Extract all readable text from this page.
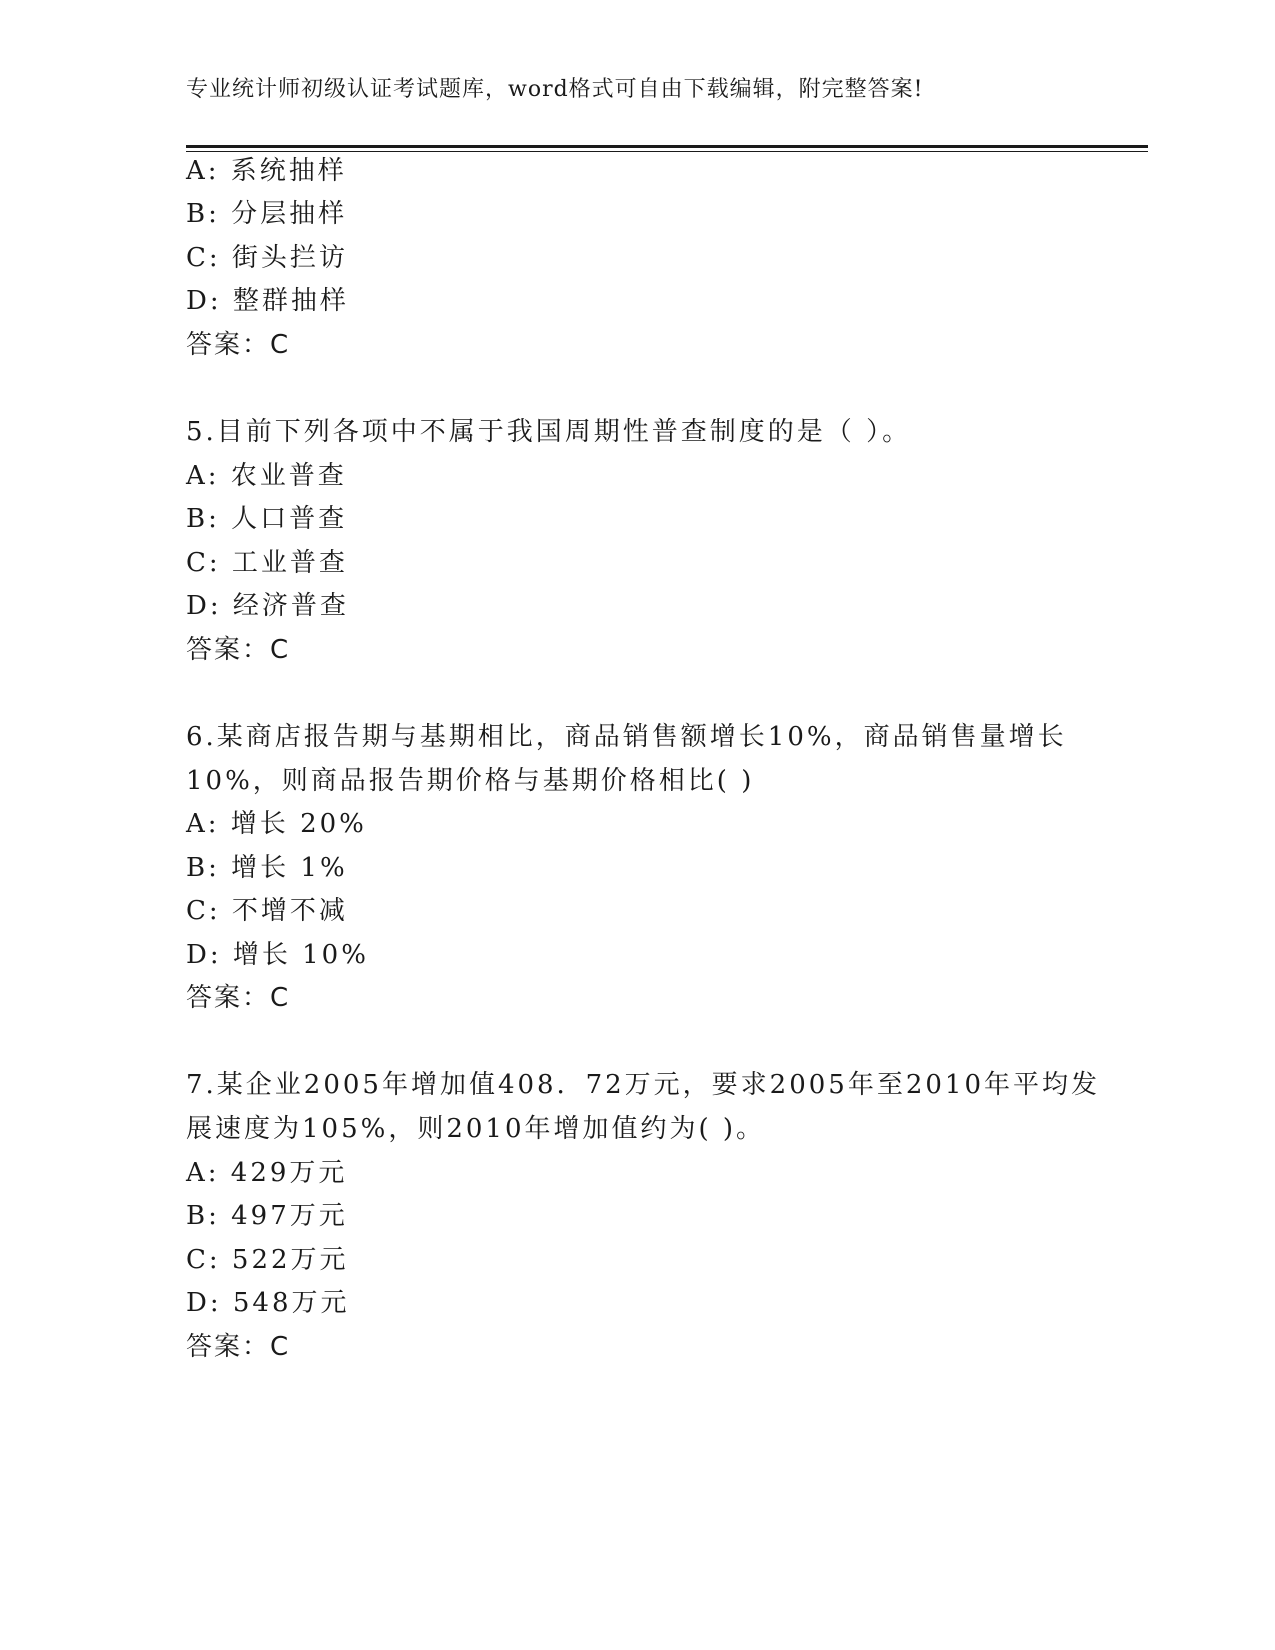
专业统计师初级认证考试题库，word格式可自由下载编辑，附完整答案!
A: 系统抽样
B: 分层抽样
C: 街头拦访
D: 整群抽样
答案：C
5.目前下列各项中不属于我国周期性普查制度的是（ ）。
A: 农业普查
B: 人口普查
C: 工业普查
D: 经济普查
答案：C
6.某商店报告期与基期相比，商品销售额增长10%，商品销售量增长
10%，则商品报告期价格与基期价格相比( )
A: 增长 20%
B: 增长 1%
C: 不增不减
D: 增长 10%
答案：C
7.某企业2005年增加值408．72万元，要求2005年至2010年平均发
展速度为105%，则2010年增加值约为( )。
A: 429万元
B: 497万元
C: 522万元
D: 548万元
答案：C
